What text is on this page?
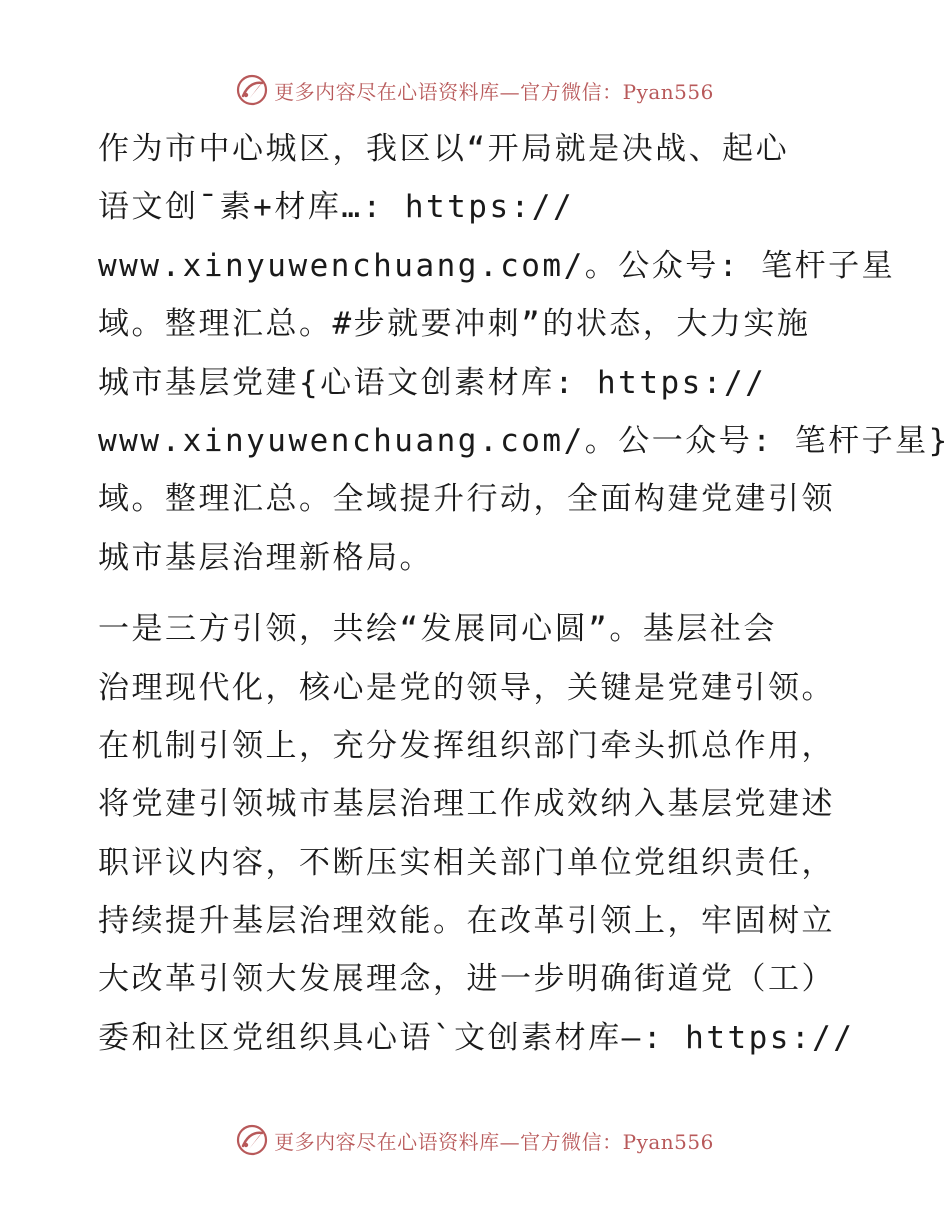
更多内容尽在心语资料库—官方微信：Pyan556
作为市中心城区，我区以“开局就是决战、起心
语文创¯素+材库…: https://
www.xinyuwenchuang.com/。公众号: 笔杆子星
域。整理汇总。#步就要冲刺”的状态，大力实施
城市基层党建{心语文创素材库: https://
www.xinyuwenchuang.com/。公一众号: 笔杆子星}
域。整理汇总。全域提升行动，全面构建党建引领
城市基层治理新格局。
一是三方引领，共绘“发展同心圆”。基层社会
治理现代化，核心是党的领导，关键是党建引领。
在机制引领上，充分发挥组织部门牵头抓总作用，
将党建引领城市基层治理工作成效纳入基层党建述
职评议内容，不断压实相关部门单位党组织责任，
持续提升基层治理效能。在改革引领上，牢固树立
大改革引领大发展理念，进一步明确街道党（工）
委和社区党组织具心语`文创素材库—: https://
更多内容尽在心语资料库—官方微信：Pyan556
